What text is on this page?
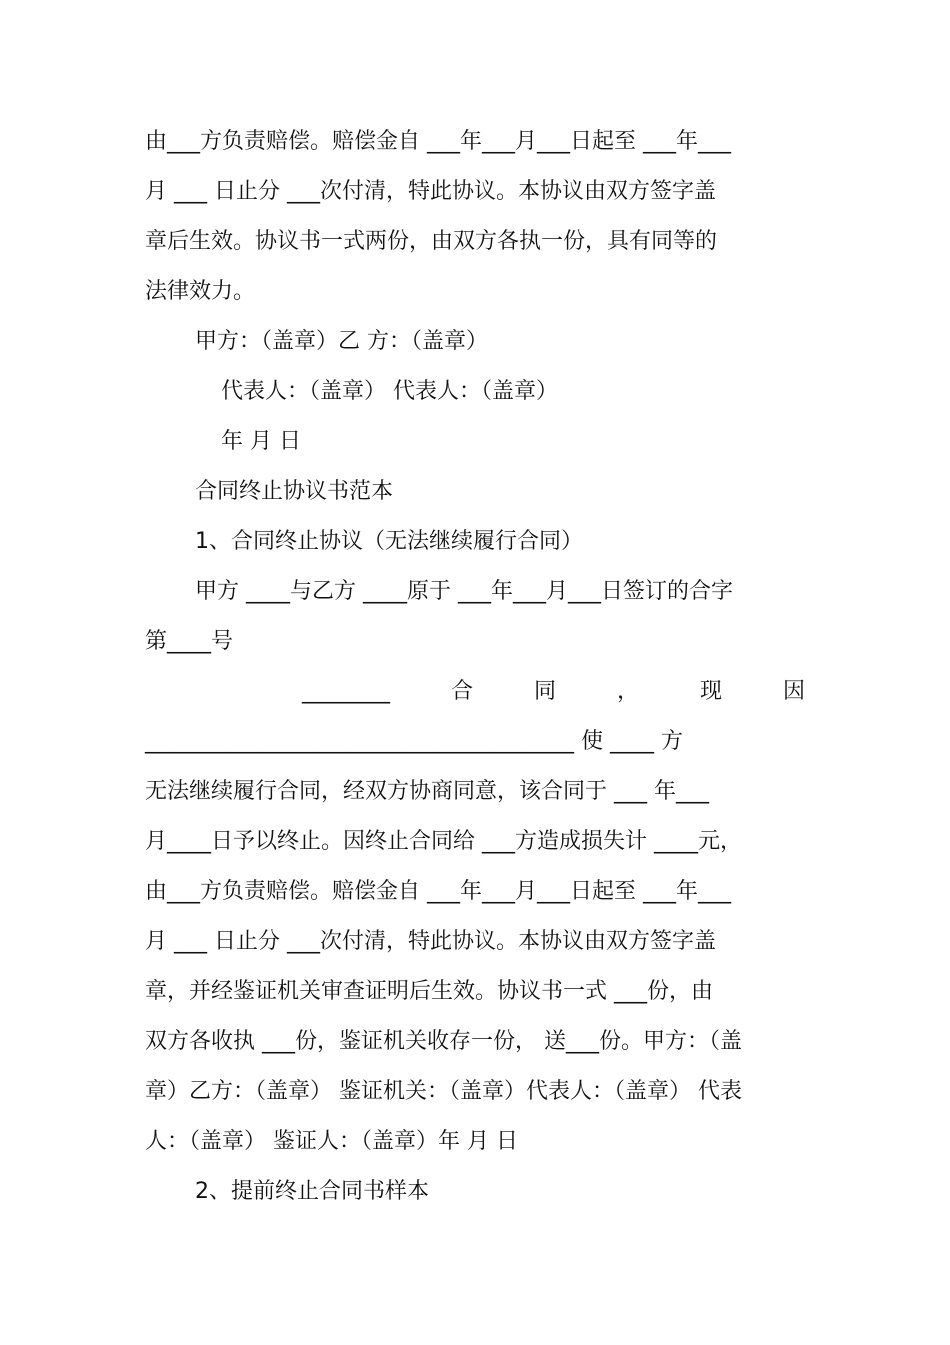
由___方负责赔偿。赔偿金自 ___年___月___日起至 ___年___
月 ___ 日止分 ___次付清，特此协议。本协议由双方签字盖
章后生效。协议书一式两份，由双方各执一份，具有同等的
法律效力。
甲方：（盖章）乙 方：（盖章）
代表人：（盖章） 代表人：（盖章）
年 月 日
合同终止协议书范本
1、合同终止协议（无法继续履行合同）
甲方 ____与乙方 ____原于 ___年___月___日签订的合字
第____号
________	合	同	，	现	因
_______________________________________ 使 ____ 方
无法继续履行合同，经双方协商同意，该合同于 ___ 年___
月____日予以终止。因终止合同给 ___方造成损失计 ____元，
由___方负责赔偿。赔偿金自 ___年___月___日起至 ___年___
月 ___ 日止分 ___次付清，特此协议。本协议由双方签字盖
章，并经鉴证机关审查证明后生效。协议书一式 ___份，由
双方各收执 ___份，鉴证机关收存一份， 送___份。甲方：（盖
章）乙方：（盖章） 鉴证机关：（盖章）代表人：（盖章） 代表
人：（盖章） 鉴证人：（盖章）年 月 日
2、提前终止合同书样本
